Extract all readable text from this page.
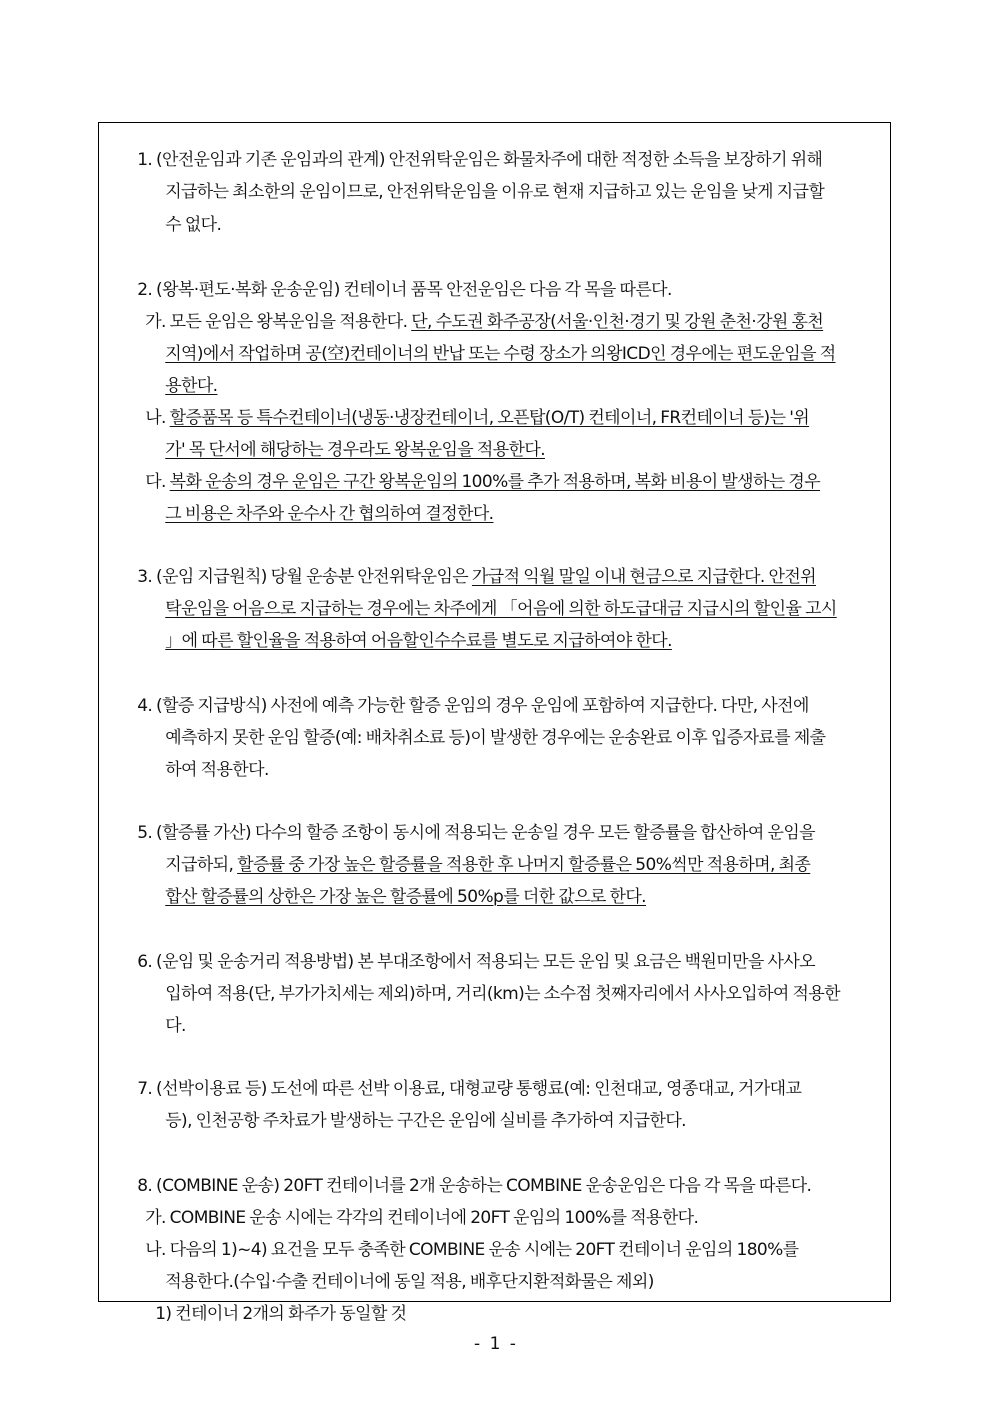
1. (안전운임과 기존 운임과의 관계) 안전위탁운임은 화물차주에 대한 적정한 소득을 보장하기 위해

지급하는 최소한의 운임이므로, 안전위탁운임을 이유로 현재 지급하고 있는 운임을 낮게 지급할

수 없다.

2. (왕복·편도·복화 운송운임) 컨테이너 품목 안전운임은 다음 각 목을 따른다.

가. 모든 운임은 왕복운임을 적용한다. 단, 수도권 화주공장(서울·인천·경기 및 강원 춘천·강원 홍천

지역)에서 작업하며 공(空)컨테이너의 반납 또는 수령 장소가 의왕ICD인 경우에는 편도운임을 적

용한다.

나. 할증품목 등 특수컨테이너(냉동·냉장컨테이너, 오픈탑(O/T) 컨테이너, FR컨테이너 등)는 '위

가' 목 단서에 해당하는 경우라도 왕복운임을 적용한다.

다. 복화 운송의 경우 운임은 구간 왕복운임의 100%를 추가 적용하며, 복화 비용이 발생하는 경우

그 비용은 차주와 운수사 간 협의하여 결정한다.

3. (운임 지급원칙) 당월 운송분 안전위탁운임은 가급적 익월 말일 이내 현금으로 지급한다. 안전위

탁운임을 어음으로 지급하는 경우에는 차주에게 「어음에 의한 하도급대금 지급시의 할인율 고시

」에 따른 할인율을 적용하여 어음할인수수료를 별도로 지급하여야 한다.

4. (할증 지급방식) 사전에 예측 가능한 할증 운임의 경우 운임에 포함하여 지급한다. 다만, 사전에

예측하지 못한 운임 할증(예: 배차취소료 등)이 발생한 경우에는 운송완료 이후 입증자료를 제출

하여 적용한다.

5. (할증률 가산) 다수의 할증 조항이 동시에 적용되는 운송일 경우 모든 할증률을 합산하여 운임을

지급하되, 할증률 중 가장 높은 할증률을 적용한 후 나머지 할증률은 50%씩만 적용하며, 최종

합산 할증률의 상한은 가장 높은 할증률에 50%p를 더한 값으로 한다.

6. (운임 및 운송거리 적용방법) 본 부대조항에서 적용되는 모든 운임 및 요금은 백원미만을 사사오

입하여 적용(단, 부가가치세는 제외)하며, 거리(km)는 소수점 첫째자리에서 사사오입하여 적용한

다.

7. (선박이용료 등) 도선에 따른 선박 이용료, 대형교량 통행료(예: 인천대교, 영종대교, 거가대교

등), 인천공항 주차료가 발생하는 구간은 운임에 실비를 추가하여 지급한다.

8. (COMBINE 운송) 20FT 컨테이너를 2개 운송하는 COMBINE 운송운임은 다음 각 목을 따른다.

가. COMBINE 운송 시에는 각각의 컨테이너에 20FT 운임의 100%를 적용한다.

나. 다음의 1)~4) 요건을 모두 충족한 COMBINE 운송 시에는 20FT 컨테이너 운임의 180%를

적용한다.(수입·수출 컨테이너에 동일 적용, 배후단지환적화물은 제외)

1) 컨테이너 2개의 화주가 동일할 것

- 1 -
